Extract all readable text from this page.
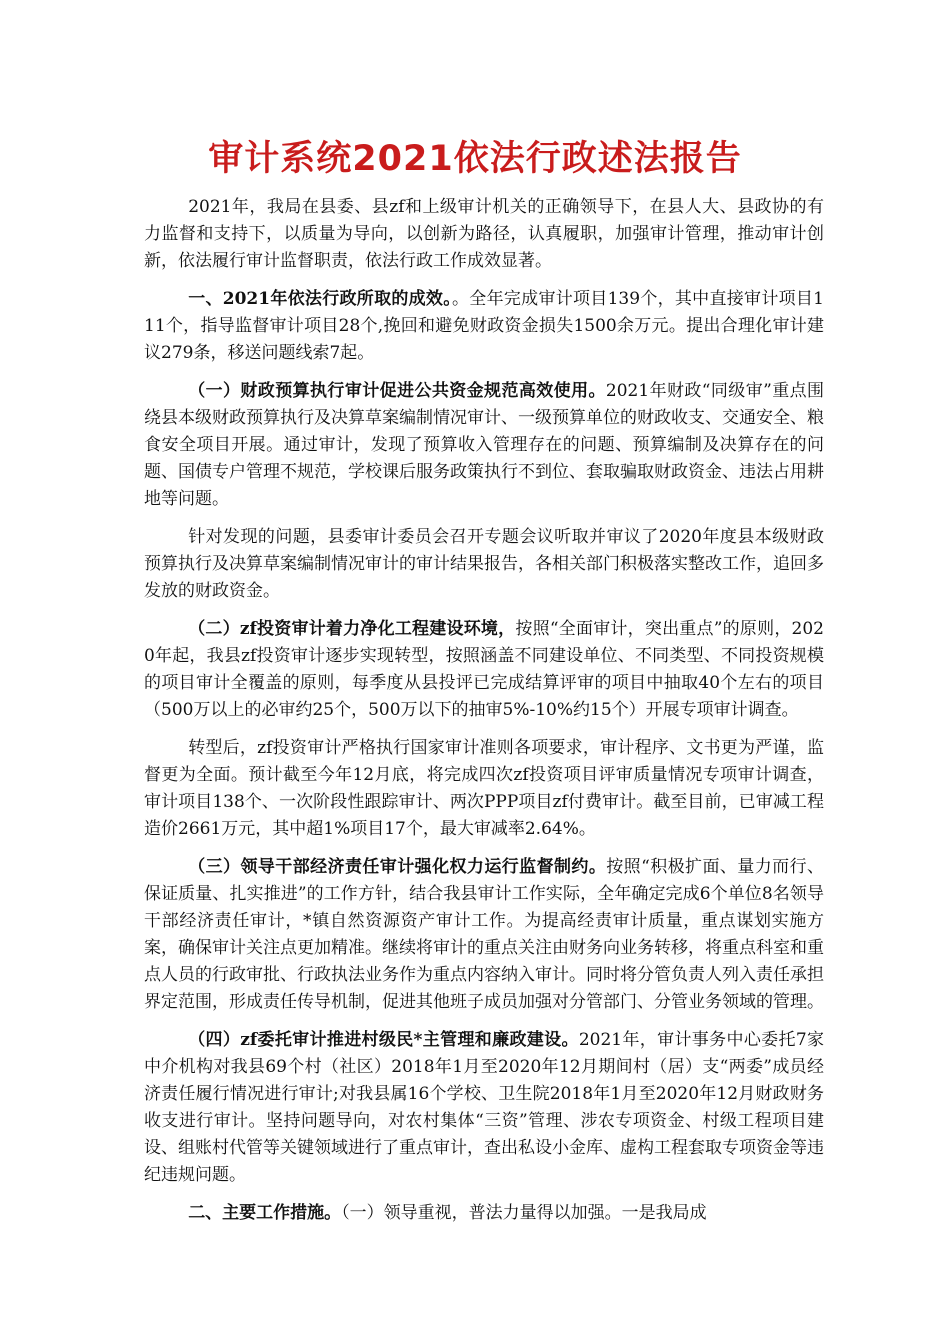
审计系统2021依法行政述法报告

2021年，我局在县委、县zf和上级审计机关的正确领导下，在县人大、县政协的有力监督和支持下，以质量为导向，以创新为路径，认真履职，加强审计管理，推动审计创新，依法履行审计监督职责，依法行政工作成效显著。

一、2021年依法行政所取的成效。。全年完成审计项目139个，其中直接审计项目111个，指导监督审计项目28个,挽回和避免财政资金损失1500余万元。提出合理化审计建议279条，移送问题线索7起。

（一）财政预算执行审计促进公共资金规范高效使用。2021年财政“同级审”重点围绕县本级财政预算执行及决算草案编制情况审计、一级预算单位的财政收支、交通安全、粮食安全项目开展。通过审计，发现了预算收入管理存在的问题、预算编制及决算存在的问题、国债专户管理不规范，学校课后服务政策执行不到位、套取骗取财政资金、违法占用耕地等问题。

针对发现的问题，县委审计委员会召开专题会议听取并审议了2020年度县本级财政预算执行及决算草案编制情况审计的审计结果报告，各相关部门积极落实整改工作，追回多发放的财政资金。

（二）zf投资审计着力净化工程建设环境，按照“全面审计，突出重点”的原则，2020年起，我县zf投资审计逐步实现转型，按照涵盖不同建设单位、不同类型、不同投资规模的项目审计全覆盖的原则，每季度从县投评已完成结算评审的项目中抽取40个左右的项目（500万以上的必审约25个，500万以下的抽审5%-10%约15个）开展专项审计调查。

转型后，zf投资审计严格执行国家审计准则各项要求，审计程序、文书更为严谨，监督更为全面。预计截至今年12月底，将完成四次zf投资项目评审质量情况专项审计调查，审计项目138个、一次阶段性跟踪审计、两次PPP项目zf付费审计。截至目前，已审减工程造价2661万元，其中超1%项目17个，最大审减率2.64%。

（三）领导干部经济责任审计强化权力运行监督制约。按照“积极扩面、量力而行、保证质量、扎实推进”的工作方针，结合我县审计工作实际，全年确定完成6个单位8名领导干部经济责任审计，*镇自然资源资产审计工作。为提高经责审计质量，重点谋划实施方案，确保审计关注点更加精准。继续将审计的重点关注由财务向业务转移，将重点科室和重点人员的行政审批、行政执法业务作为重点内容纳入审计。同时将分管负责人列入责任承担界定范围，形成责任传导机制，促进其他班子成员加强对分管部门、分管业务领域的管理。

（四）zf委托审计推进村级民*主管理和廉政建设。2021年，审计事务中心委托7家中介机构对我县69个村（社区）2018年1月至2020年12月期间村（居）支“两委”成员经济责任履行情况进行审计;对我县属16个学校、卫生院2018年1月至2020年12月财政财务收支进行审计。坚持问题导向，对农村集体“三资”管理、涉农专项资金、村级工程项目建设、组账村代管等关键领域进行了重点审计，查出私设小金库、虚构工程套取专项资金等违纪违规问题。

二、主要工作措施。（一）领导重视，普法力量得以加强。一是我局成
